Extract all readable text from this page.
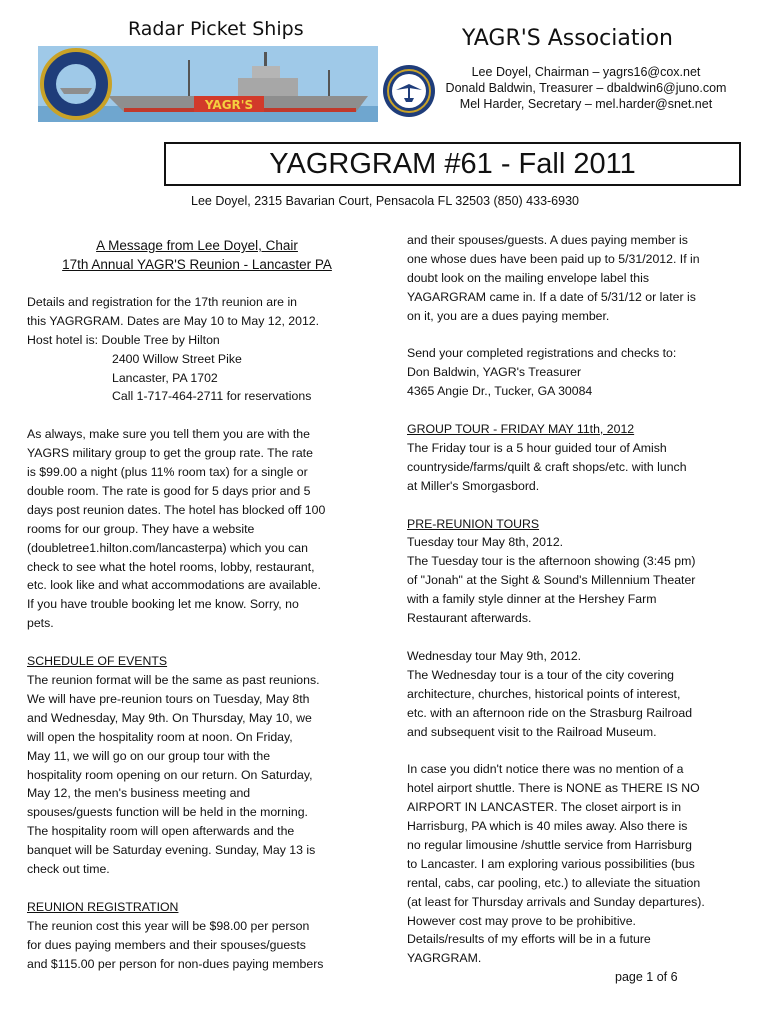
Radar Picket Ships	YAGR'S Association
YAGR'S
Lee Doyel, Chairman – yagrs16@cox.net
Donald Baldwin, Treasurer – dbaldwin6@juno.com
Mel Harder, Secretary – mel.harder@snet.net
YAGRGRAM #61 - Fall 2011
Lee Doyel, 2315 Bavarian Court, Pensacola FL 32503 (850) 433-6930
A Message from Lee Doyel, Chair
17th Annual YAGR'S Reunion - Lancaster PA

Details and registration for the 17th reunion are in

this YAGRGRAM. Dates are May 10 to May 12, 2012.

Host hotel is: Double Tree by Hilton

2400 Willow Street Pike

Lancaster, PA 1702

Call 1-717-464-2711 for reservations

As always, make sure you tell them you are with the

YAGRS military group to get the group rate. The rate

is $99.00 a night (plus 11% room tax) for a single or

double room. The rate is good for 5 days prior and 5

days post reunion dates. The hotel has blocked off 100

rooms for our group. They have a website

(doubletree1.hilton.com/lancasterpa) which you can

check to see what the hotel rooms, lobby, restaurant,

etc. look like and what accommodations are available.

If you have trouble booking let me know. Sorry, no

pets.

SCHEDULE OF EVENTS

The reunion format will be the same as past reunions.

We will have pre-reunion tours on Tuesday, May 8th

and Wednesday, May 9th. On Thursday, May 10, we

will open the hospitality room at noon. On Friday,

May 11, we will go on our group tour with the

hospitality room opening on our return. On Saturday,

May 12, the men's business meeting and

spouses/guests function will be held in the morning.

The hospitality room will open afterwards and the

banquet will be Saturday evening. Sunday, May 13 is

check out time.

REUNION REGISTRATION

The reunion cost this year will be $98.00 per person

for dues paying members and their spouses/guests

and $115.00 per person for non-dues paying members

and their spouses/guests. A dues paying member is

one whose dues have been paid up to 5/31/2012. If in

doubt look on the mailing envelope label this

YAGARGRAM came in. If a date of 5/31/12 or later is

on it, you are a dues paying member.

Send your completed registrations and checks to:

Don Baldwin, YAGR's Treasurer

4365 Angie Dr., Tucker, GA 30084

GROUP TOUR - FRIDAY MAY 11th, 2012

The Friday tour is a 5 hour guided tour of Amish

countryside/farms/quilt & craft shops/etc. with lunch

at Miller's Smorgasbord.

PRE-REUNION TOURS

Tuesday tour May 8th, 2012.

The Tuesday tour is the afternoon showing (3:45 pm)

of "Jonah" at the Sight & Sound's Millennium Theater

with a family style dinner at the Hershey Farm

Restaurant afterwards.

Wednesday tour May 9th, 2012.

The Wednesday tour is a tour of the city covering

architecture, churches, historical points of interest,

etc. with an afternoon ride on the Strasburg Railroad

and subsequent visit to the Railroad Museum.

In case you didn't notice there was no mention of a

hotel airport shuttle. There is NONE as THERE IS NO

AIRPORT IN LANCASTER. The closet airport is in

Harrisburg, PA which is 40 miles away. Also there is

no regular limousine /shuttle service from Harrisburg

to Lancaster. I am exploring various possibilities (bus

rental, cabs, car pooling, etc.) to alleviate the situation

(at least for Thursday arrivals and Sunday departures).

However cost may prove to be prohibitive.

Details/results of my efforts will be in a future

YAGRGRAM.

page 1 of 6
